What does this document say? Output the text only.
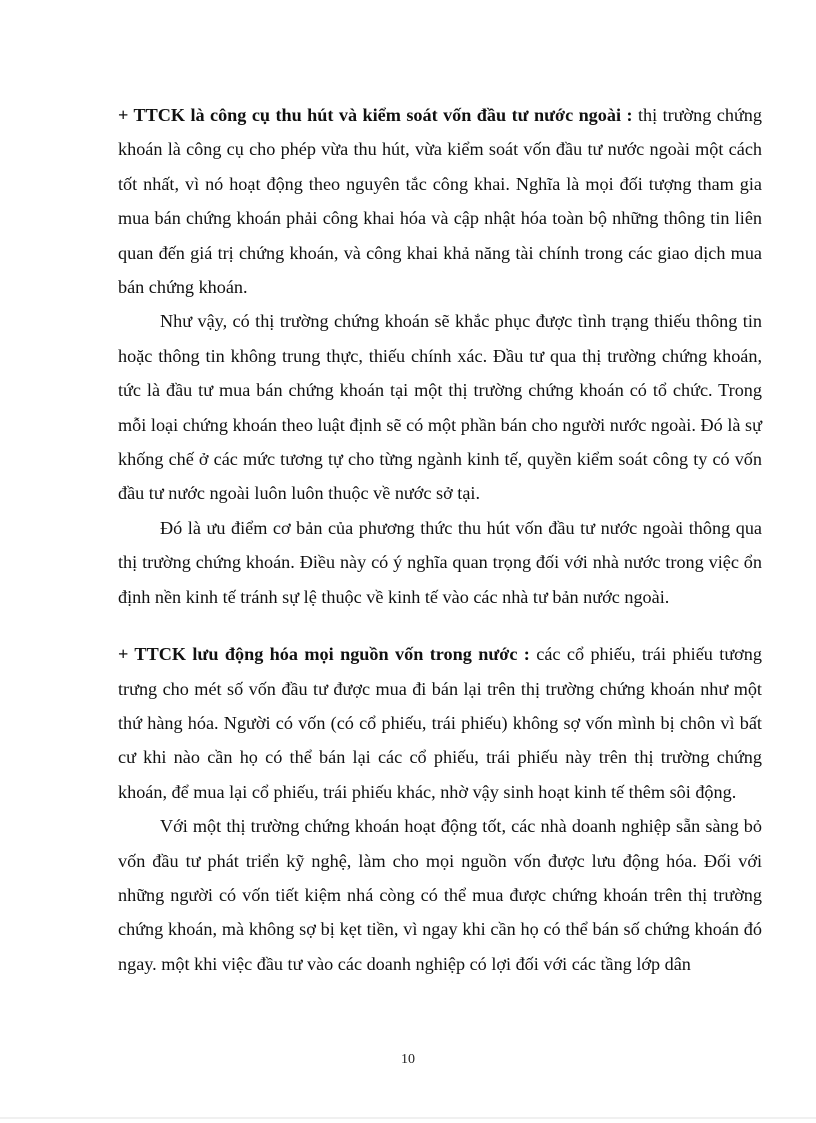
+ TTCK là công cụ thu hút và kiểm soát vốn đầu tư nước ngoài : thị trường chứng khoán là công cụ cho phép vừa thu hút, vừa kiểm soát vốn đầu tư nước ngoài một cách tốt nhất, vì nó hoạt động theo nguyên tắc công khai. Nghĩa là mọi đối tượng tham gia mua bán chứng khoán phải công khai hóa và cập nhật hóa toàn bộ những thông tin liên quan đến giá trị chứng khoán, và công khai khả năng tài chính trong các giao dịch mua bán chứng khoán.

Như vậy, có thị trường chứng khoán sẽ khắc phục được tình trạng thiếu thông tin hoặc thông tin không trung thực, thiếu chính xác. Đầu tư qua thị trường chứng khoán, tức là đầu tư mua bán chứng khoán tại một thị trường chứng khoán có tổ chức. Trong mỗi loại chứng khoán theo luật định sẽ có một phần bán cho người nước ngoài. Đó là sự khống chế ở các mức tương tự cho từng ngành kinh tế, quyền kiểm soát công ty có vốn đầu tư nước ngoài luôn luôn thuộc về nước sở tại.

Đó là ưu điểm cơ bản của phương thức thu hút vốn đầu tư nước ngoài thông qua thị trường chứng khoán. Điều này có ý nghĩa quan trọng đối với nhà nước trong việc ổn định nền kinh tế tránh sự lệ thuộc về kinh tế vào các nhà tư bản nước ngoài.

+ TTCK lưu động hóa mọi nguồn vốn trong nước : các cổ phiếu, trái phiếu tương trưng cho mét số vốn đầu tư được mua đi bán lại trên thị trường chứng khoán như một thứ hàng hóa. Người có vốn (có cổ phiếu, trái phiếu) không sợ vốn mình bị chôn vì bất cư khi nào cần họ có thể bán lại các cổ phiếu, trái phiếu này trên thị trường chứng khoán, để mua lại cổ phiếu, trái phiếu khác, nhờ vậy sinh hoạt kinh tế thêm sôi động.

Với một thị trường chứng khoán hoạt động tốt, các nhà doanh nghiệp sẵn sàng bỏ vốn đầu tư phát triển kỹ nghệ, làm cho mọi nguồn vốn được lưu động hóa. Đối với những người có vốn tiết kiệm nhá còng có thể mua được chứng khoán trên thị trường chứng khoán, mà không sợ bị kẹt tiền, vì ngay khi cần họ có thể bán số chứng khoán đó ngay. một khi việc đầu tư vào các doanh nghiệp có lợi đối với các tầng lớp dân

10
